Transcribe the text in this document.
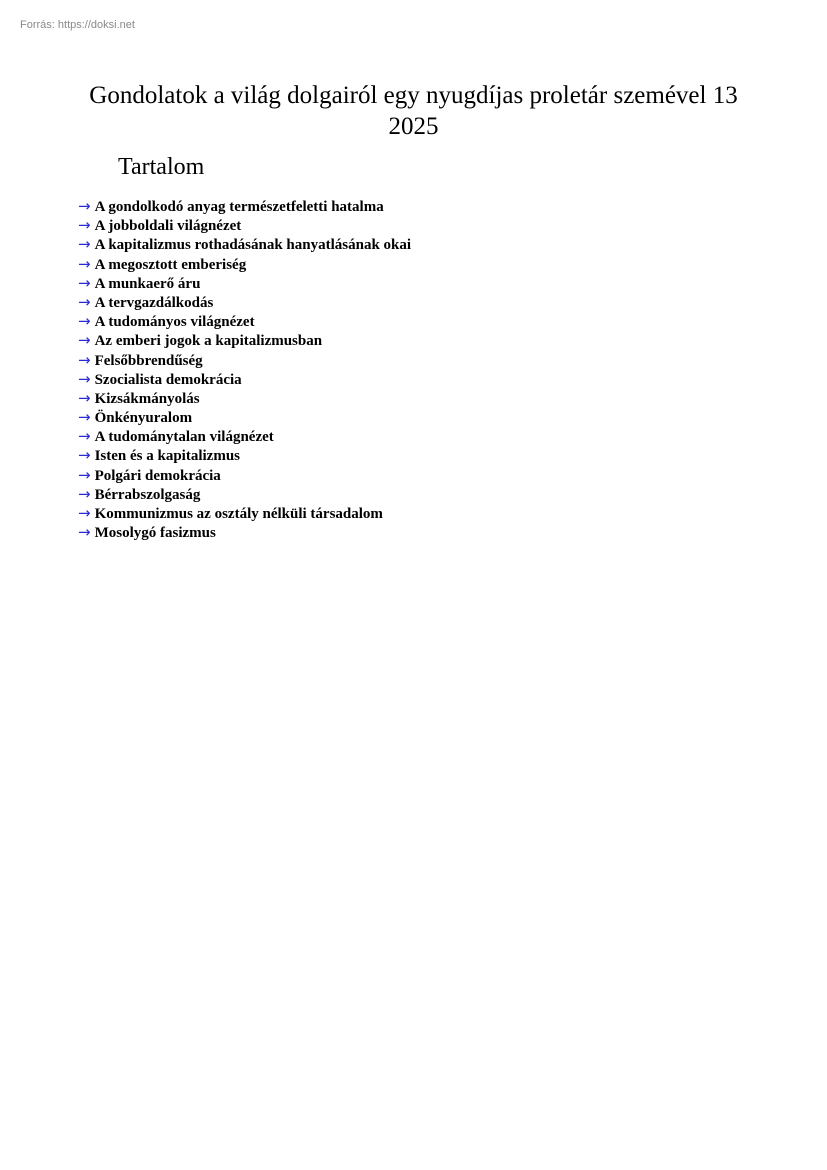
Forrás: https://doksi.net
Gondolatok a világ dolgairól egy nyugdíjas proletár szemével 13
2025
Tartalom
→ A gondolkodó anyag természetfeletti hatalma
→ A jobboldali világnézet
→ A kapitalizmus rothadásának hanyatlásának okai
→ A megosztott emberiség
→ A munkaerő áru
→ A tervgazdálkodás
→ A tudományos világnézet
→ Az emberi jogok a kapitalizmusban
→ Felsőbbrendűség
→ Szocialista demokrácia
→ Kizsákmányolás
→ Önkényuralom
→ A tudománytalan világnézet
→ Isten és a kapitalizmus
→ Polgári demokrácia
→ Bérrabszolgaság
→ Kommunizmus az osztály nélküli társadalom
→ Mosolygó fasizmus
